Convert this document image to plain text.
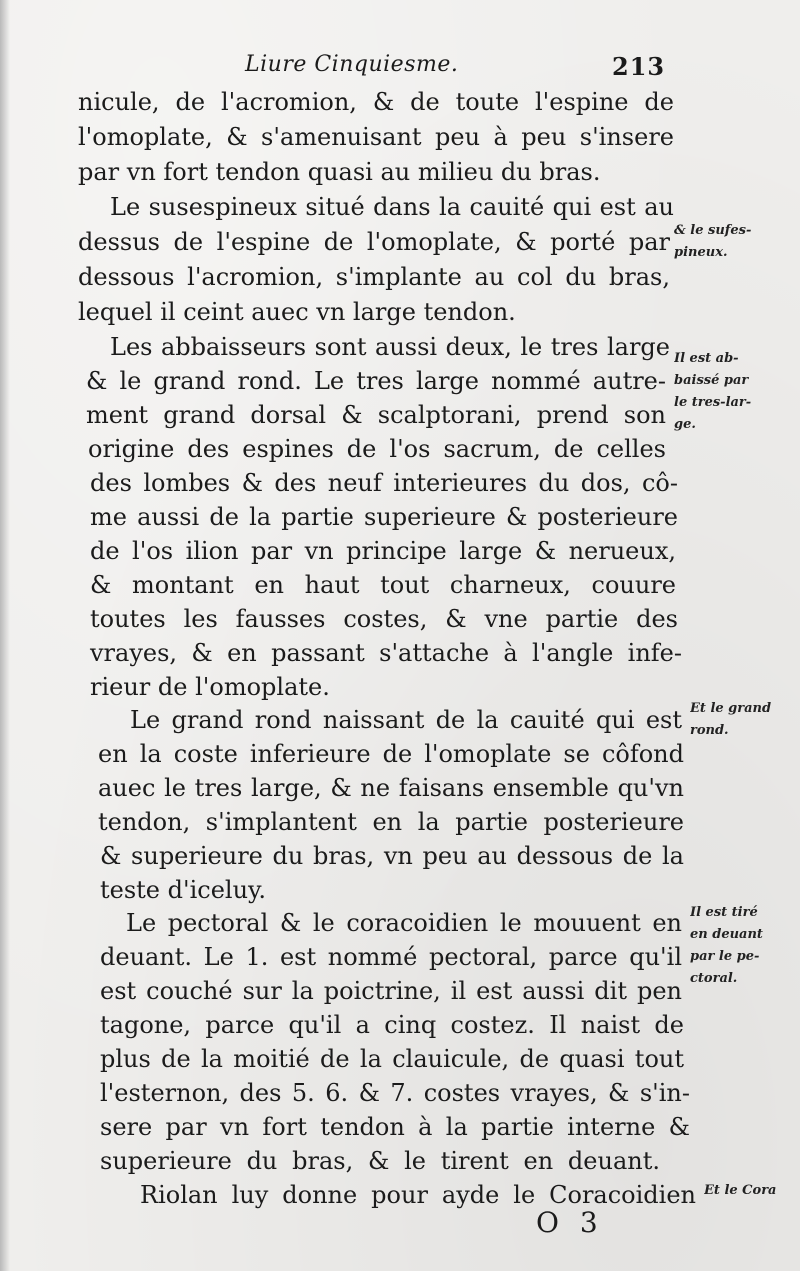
Liure Cinquiesme.	213
nicule, de l'acromion, & de toute l'espine de
l'omoplate, & s'amenuisant peu à peu s'insere
par vn fort tendon quasi au milieu du bras.
Le susespineux situé dans la cauité qui est au
dessus de l'espine de l'omoplate, & porté par
dessous l'acromion, s'implante au col du bras,
lequel il ceint auec vn large tendon.
Les abbaisseurs sont aussi deux, le tres large
& le grand rond. Le tres large nommé autre-
ment grand dorsal & scalptorani, prend son
origine des espines de l'os sacrum, de celles
des lombes & des neuf interieures du dos, cô-
me aussi de la partie superieure & posterieure
de l'os ilion par vn principe large & nerueux,
& montant en haut tout charneux, couure
toutes les fausses costes, & vne partie des
vrayes, & en passant s'attache à l'angle infe-
rieur de l'omoplate.
Le grand rond naissant de la cauité qui est
en la coste inferieure de l'omoplate se côfond
auec le tres large, & ne faisans ensemble qu'vn
tendon, s'implantent en la partie posterieure
& superieure du bras, vn peu au dessous de la
teste d'iceluy.
Le pectoral & le coracoidien le mouuent en
deuant. Le 1. est nommé pectoral, parce qu'il
est couché sur la poictrine, il est aussi dit pen
tagone, parce qu'il a cinq costez. Il naist de
plus de la moitié de la clauicule, de quasi tout
l'esternon, des 5. 6. & 7. costes vrayes, & s'in-
sere par vn fort tendon à la partie interne &
superieure du bras, & le tirent en deuant.
Riolan luy donne pour ayde le Coracoidien
& le sufes-
pineux.
Il est ab-
baissé par
le tres-lar-
ge.
Et le grand
rond.
Il est tiré
en deuant
par le pe-
ctoral.
Et le Cora
O 3
